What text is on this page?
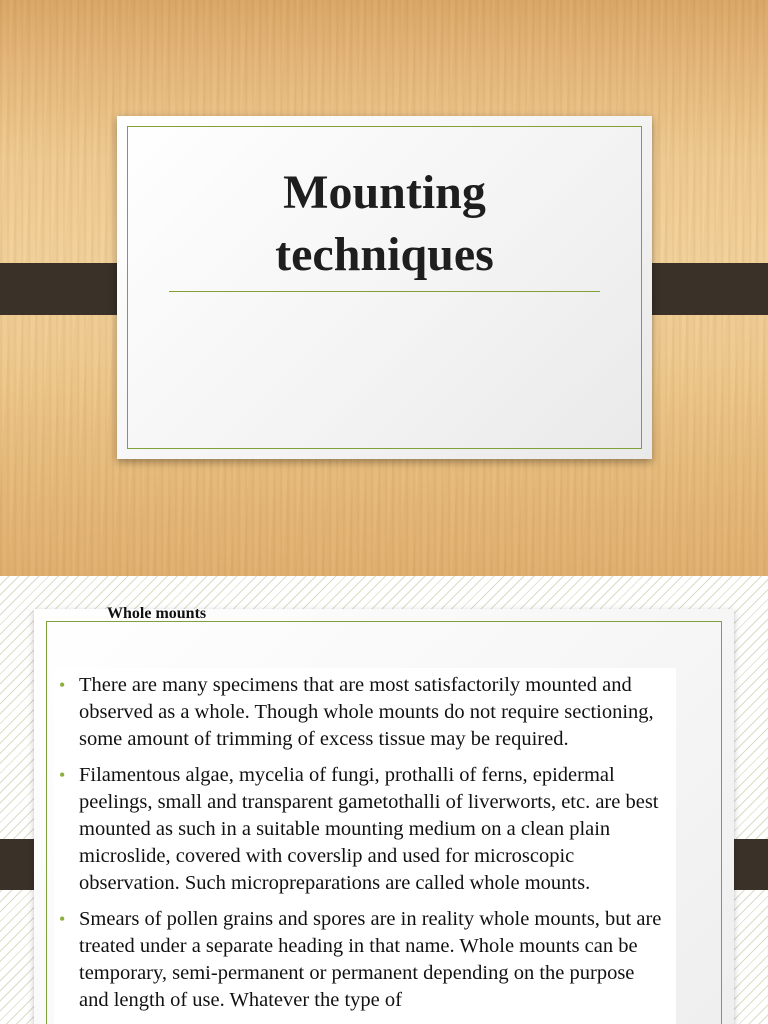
Mounting techniques
Whole mounts
• There are many specimens that are most satisfactorily mounted and observed as a whole. Though whole mounts do not require sectioning, some amount of trimming of excess tissue may be required.
• Filamentous algae, mycelia of fungi, prothalli of ferns, epidermal peelings, small and transparent gametothalli of liverworts, etc. are best mounted as such in a suitable mounting medium on a clean plain microslide, covered with coverslip and used for microscopic observation. Such micropreparations are called whole mounts.
• Smears of pollen grains and spores are in reality whole mounts, but are treated under a separate heading in that name. Whole mounts can be temporary, semi-permanent or permanent depending on the purpose and length of use. Whatever the type of
